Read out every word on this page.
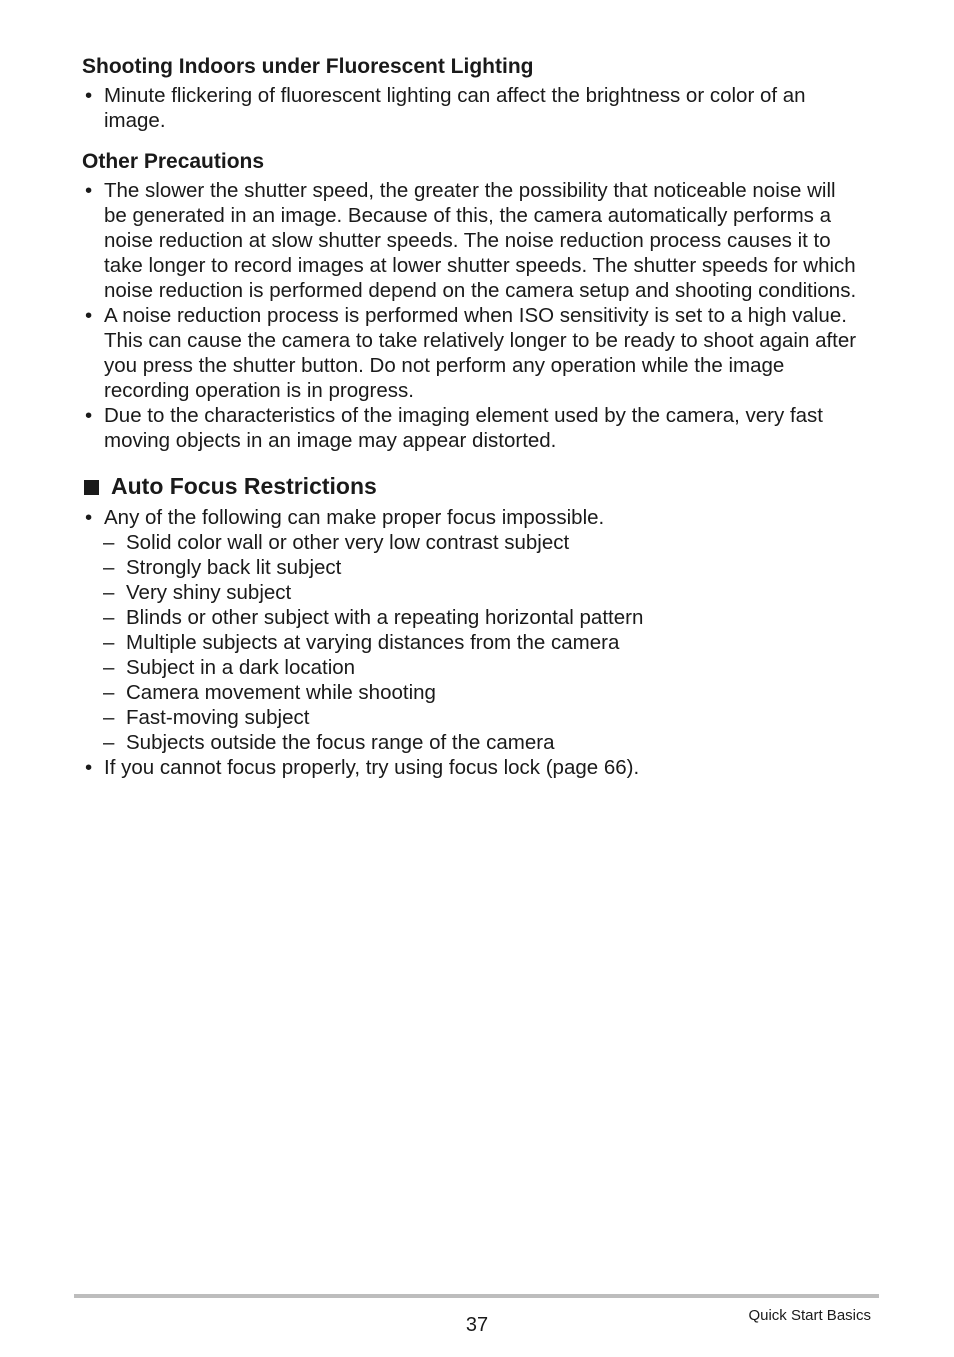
Shooting Indoors under Fluorescent Lighting
• Minute flickering of fluorescent lighting can affect the brightness or color of an
image.
Other Precautions
• The slower the shutter speed, the greater the possibility that noticeable noise will
be generated in an image. Because of this, the camera automatically performs a
noise reduction at slow shutter speeds. The noise reduction process causes it to
take longer to record images at lower shutter speeds. The shutter speeds for which
noise reduction is performed depend on the camera setup and shooting conditions.
• A noise reduction process is performed when ISO sensitivity is set to a high value.
This can cause the camera to take relatively longer to be ready to shoot again after
you press the shutter button. Do not perform any operation while the image
recording operation is in progress.
• Due to the characteristics of the imaging element used by the camera, very fast
moving objects in an image may appear distorted.
Auto Focus Restrictions
• Any of the following can make proper focus impossible.
– Solid color wall or other very low contrast subject
– Strongly back lit subject
– Very shiny subject
– Blinds or other subject with a repeating horizontal pattern
– Multiple subjects at varying distances from the camera
– Subject in a dark location
– Camera movement while shooting
– Fast-moving subject
– Subjects outside the focus range of the camera
• If you cannot focus properly, try using focus lock (page 66).
37	Quick Start Basics
